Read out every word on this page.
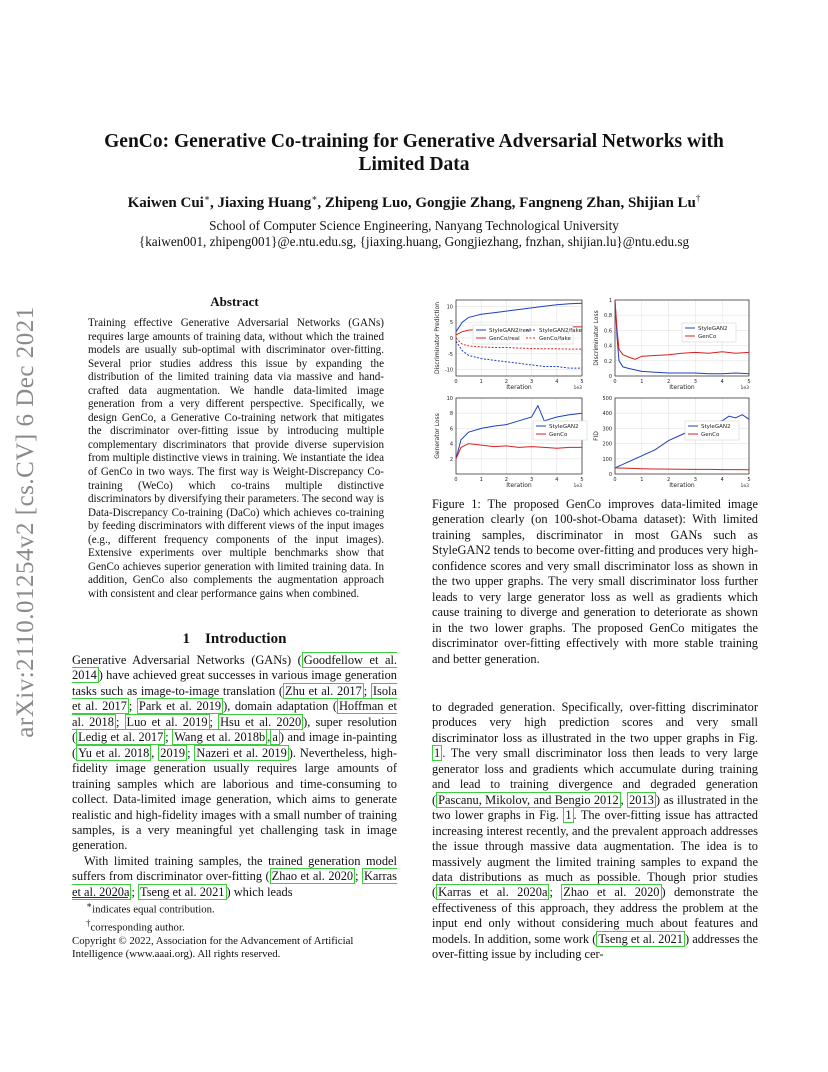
GenCo: Generative Co-training for Generative Adversarial Networks with
Limited Data
Kaiwen Cui∗, Jiaxing Huang∗, Zhipeng Luo, Gongjie Zhang, Fangneng Zhan, Shijian Lu†
School of Computer Science Engineering, Nanyang Technological University
{kaiwen001, zhipeng001}@e.ntu.edu.sg, {jiaxing.huang, Gongjiezhang, fnzhan, shijian.lu}@ntu.edu.sg
arXiv:2110.01254v2 [cs.CV] 6 Dec 2021
Abstract
Training effective Generative Adversarial Networks (GANs) requires large amounts of training data, without which the trained models are usually sub-optimal with discriminator over-fitting. Several prior studies address this issue by expanding the distribution of the limited training data via massive and hand-crafted data augmentation. We handle data-limited image generation from a very different perspective. Specifically, we design GenCo, a Generative Co-training network that mitigates the discriminator over-fitting issue by introducing multiple complementary discriminators that provide diverse supervision from multiple distinctive views in training. We instantiate the idea of GenCo in two ways. The first way is Weight-Discrepancy Co-training (WeCo) which co-trains multiple distinctive discriminators by diversifying their parameters. The second way is Data-Discrepancy Co-training (DaCo) which achieves co-training by feeding discriminators with different views of the input images (e.g., different frequency components of the input images). Extensive experiments over multiple benchmarks show that GenCo achieves superior generation with limited training data. In addition, GenCo also complements the augmentation approach with consistent and clear performance gains when combined.
1 Introduction

Generative Adversarial Networks (GANs) ( Goodfellow et al. 2014 ) have achieved great successes in various image generation tasks such as image-to-image translation ( Zhu et al. 2017 ; Isola et al. 2017 ; Park et al. 2019 ), domain adaptation ( Hoffman et al. 2018 ; Luo et al. 2019 ; Hsu et al. 2020 ), super resolution ( Ledig et al. 2017 ; Wang et al. 2018b , a ) and image in-painting ( Yu et al. 2018 , 2019 ; Nazeri et al. 2019 ). Nevertheless, high-fidelity image generation usually requires large amounts of training samples which are laborious and time-consuming to collect. Data-limited image generation, which aims to generate realistic and high-fidelity images with a small number of training samples, is a very meaningful yet challenging task in image generation.

With limited training samples, the trained generation model suffers from discriminator over-fitting ( Zhao et al. 2020 ; Karras et al. 2020a ; Tseng et al. 2021 ) which leads

∗indicates equal contribution.
†corresponding author.
Copyright © 2022, Association for the Advancement of Artificial Intelligence (www.aaai.org). All rights reserved.
-10
-5
0
5
10
0	1	2	3	4	5
1e3
Iteration
Discriminator Prediction	StyleGAN2/real StyleGAN2/fake
GenCo/real	GenCo/fake
0
0.2
0.4
0.6
0.8
1
0	1	2	3	4	5
1e3
Iteration
Discriminator Loss	StyleGAN2
GenCo
2
4
6
8
10
0	1	2	3	4	5
1e3
Iteration
Generator Loss	StyleGAN2
GenCo
0
100
200
300
400
500
0	1	2	3	4	5
1e3
Iteration
FID
StyleGAN2
GenCo
Figure 1: The proposed GenCo improves data-limited image generation clearly (on 100-shot-Obama dataset): With limited training samples, discriminator in most GANs such as StyleGAN2 tends to become over-fitting and produces very high-confidence scores and very small discriminator loss as shown in the two upper graphs. The very small discriminator loss further leads to very large generator loss as well as gradients which cause training to diverge and generation to deteriorate as shown in the two lower graphs. The proposed GenCo mitigates the discriminator over-fitting effectively with more stable training and better generation.

to degraded generation. Specifically, over-fitting discriminator produces very high prediction scores and very small discriminator loss as illustrated in the two upper graphs in Fig. 1 . The very small discriminator loss then leads to very large generator loss and gradients which accumulate during training and lead to training divergence and degraded generation ( Pascanu, Mikolov, and Bengio 2012 , 2013 ) as illustrated in the two lower graphs in Fig. 1 . The over-fitting issue has attracted increasing interest recently, and the prevalent approach addresses the issue through massive data augmentation. The idea is to massively augment the limited training samples to expand the data distributions as much as possible. Though prior studies ( Karras et al. 2020a ; Zhao et al. 2020 ) demonstrate the effectiveness of this approach, they address the problem at the input end only without considering much about features and models. In addition, some work ( Tseng et al. 2021 ) addresses the over-fitting issue by including cer-
